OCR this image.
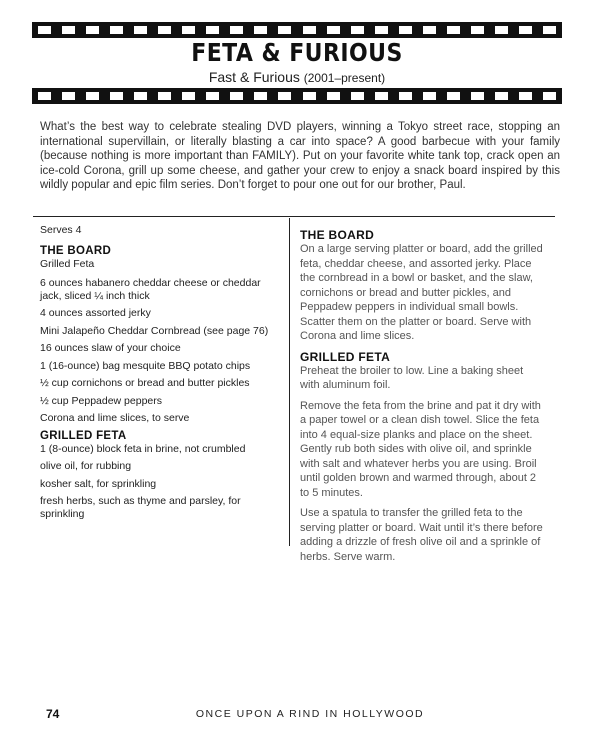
FETA & FURIOUS
Fast & Furious (2001–present)
What’s the best way to celebrate stealing DVD players, winning a Tokyo street race, stopping an international supervillain, or literally blasting a car into space? A good barbecue with your family (because nothing is more important than FAMILY). Put on your favorite white tank top, crack open an ice-cold Corona, grill up some cheese, and gather your crew to enjoy a snack board inspired by this wildly popular and epic film series. Don’t forget to pour one out for our brother, Paul.
Serves 4
THE BOARD
Grilled Feta
6 ounces habanero cheddar cheese or cheddar jack, sliced ¼ inch thick
4 ounces assorted jerky
Mini Jalapeño Cheddar Cornbread (see page 76)
16 ounces slaw of your choice
1 (16-ounce) bag mesquite BBQ potato chips
½ cup cornichons or bread and butter pickles
½ cup Peppadew peppers
Corona and lime slices, to serve
GRILLED FETA
1 (8-ounce) block feta in brine, not crumbled
olive oil, for rubbing
kosher salt, for sprinkling
fresh herbs, such as thyme and parsley, for sprinkling
THE BOARD

On a large serving platter or board, add the grilled feta, cheddar cheese, and assorted jerky. Place the cornbread in a bowl or basket, and the slaw, cornichons or bread and butter pickles, and Peppadew peppers in individual small bowls. Scatter them on the platter or board. Serve with Corona and lime slices.

GRILLED FETA

Preheat the broiler to low. Line a baking sheet with aluminum foil.

Remove the feta from the brine and pat it dry with a paper towel or a clean dish towel. Slice the feta into 4 equal-size planks and place on the sheet. Gently rub both sides with olive oil, and sprinkle with salt and whatever herbs you are using. Broil until golden brown and warmed through, about 2 to 5 minutes.

Use a spatula to transfer the grilled feta to the serving platter or board. Wait until it’s there before adding a drizzle of fresh olive oil and a sprinkle of herbs. Serve warm.

74	ONCE UPON A RIND IN HOLLYWOOD
